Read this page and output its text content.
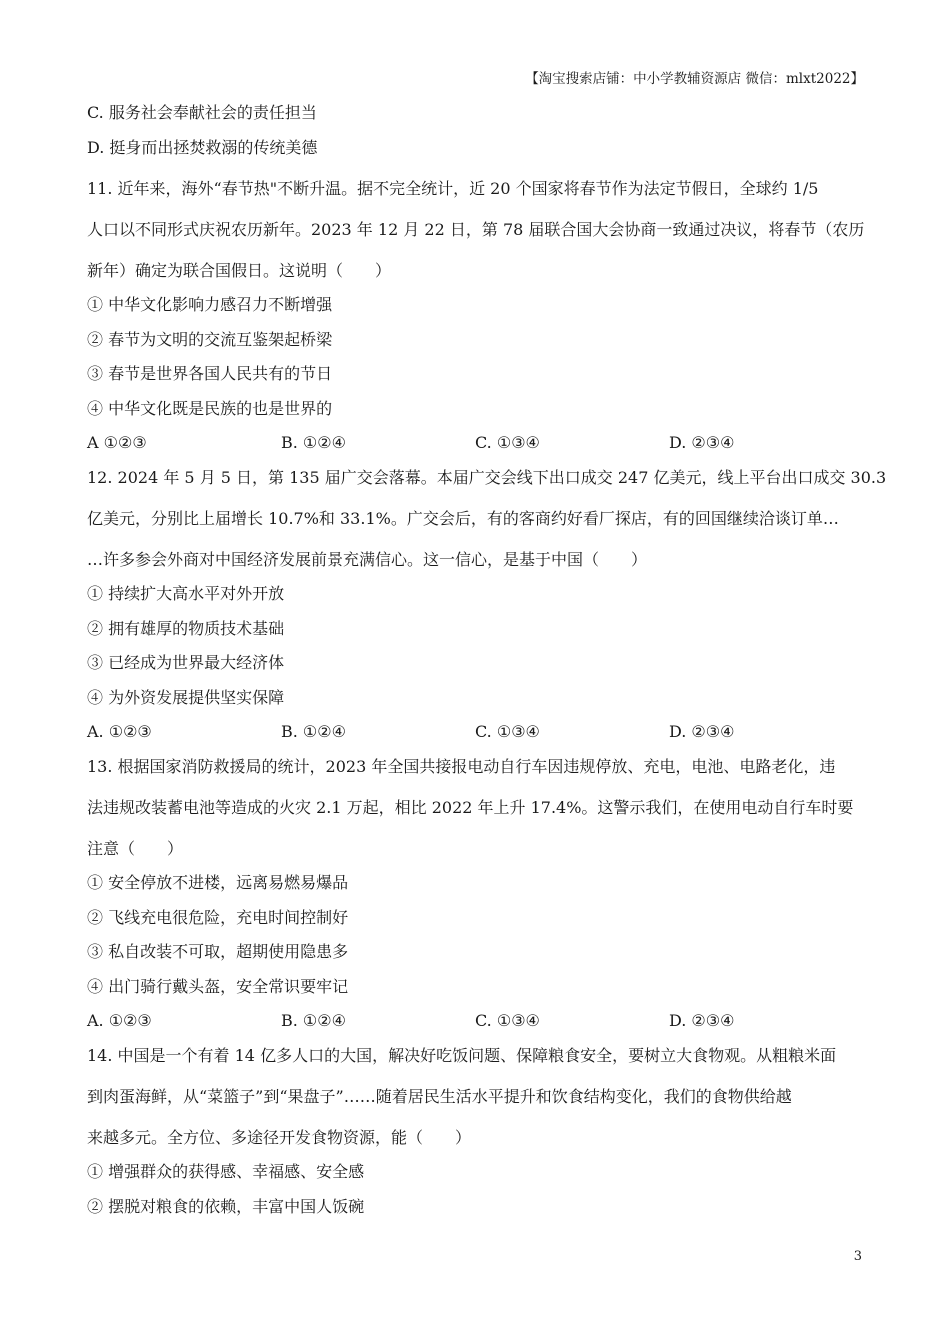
【淘宝搜索店铺：中小学教辅资源店 微信：mlxt2022】
C. 服务社会奉献社会的责任担当
D. 挺身而出拯焚救溺的传统美德
11. 近年来，海外“春节热"不断升温。据不完全统计，近 20 个国家将春节作为法定节假日，全球约 1/5
人口以不同形式庆祝农历新年。2023 年 12 月 22 日，第 78 届联合国大会协商一致通过决议，将春节（农历
新年）确定为联合国假日。这说明（　　）
① 中华文化影响力感召力不断增强
② 春节为文明的交流互鉴架起桥梁
③ 春节是世界各国人民共有的节日
④ 中华文化既是民族的也是世界的
A ①②③	B. ①②④	C. ①③④	D. ②③④
12. 2024 年 5 月 5 日，第 135 届广交会落幕。本届广交会线下出口成交 247 亿美元，线上平台出口成交 30.3
亿美元，分别比上届增长 10.7%和 33.1%。广交会后，有的客商约好看厂探店，有的回国继续洽谈订单…
…许多参会外商对中国经济发展前景充满信心。这一信心，是基于中国（　　）
① 持续扩大高水平对外开放
② 拥有雄厚的物质技术基础
③ 已经成为世界最大经济体
④ 为外资发展提供坚实保障
A. ①②③	B. ①②④	C. ①③④	D. ②③④
13. 根据国家消防救援局的统计，2023 年全国共接报电动自行车因违规停放、充电，电池、电路老化，违
法违规改装蓄电池等造成的火灾 2.1 万起，相比 2022 年上升 17.4%。这警示我们，在使用电动自行车时要
注意（　　）
① 安全停放不进楼，远离易燃易爆品
② 飞线充电很危险，充电时间控制好
③ 私自改装不可取，超期使用隐患多
④ 出门骑行戴头盔，安全常识要牢记
A. ①②③	B. ①②④	C. ①③④	D. ②③④
14. 中国是一个有着 14 亿多人口的大国，解决好吃饭问题、保障粮食安全，要树立大食物观。从粗粮米面
到肉蛋海鲜，从“菜篮子”到“果盘子”……随着居民生活水平提升和饮食结构变化，我们的食物供给越
来越多元。全方位、多途径开发食物资源，能（　　）
① 增强群众的获得感、幸福感、安全感
② 摆脱对粮食的依赖，丰富中国人饭碗
3
